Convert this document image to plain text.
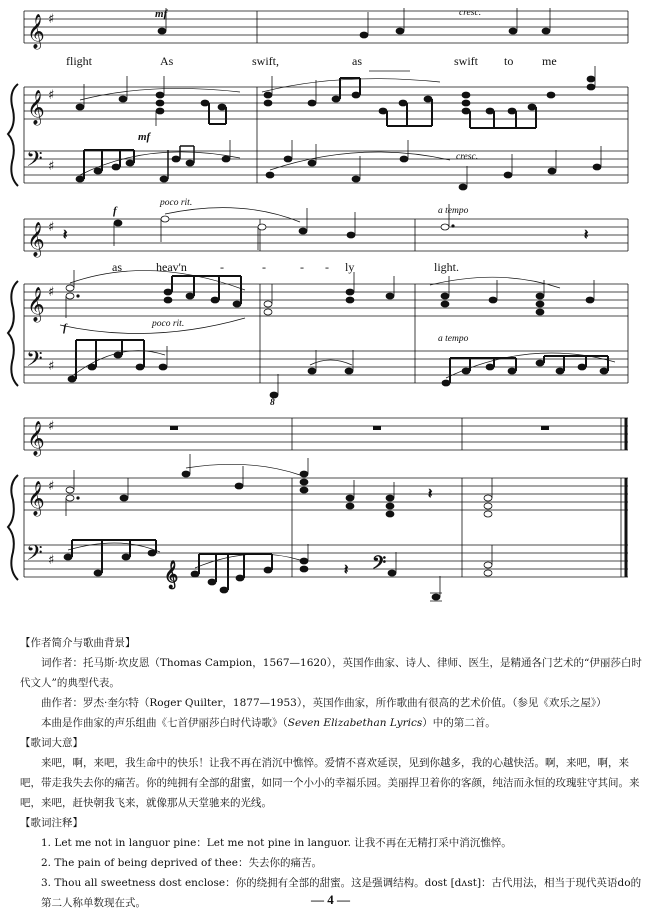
𝄞 ♯
𝄞 ♯
𝄢 ♯
mf	cresc.
flight	As	swift,	as	swift to me
mf
cresc.
𝄞 ♯
𝄞 ♯
𝄢 ♯
𝄽	𝄽
f
poco rit.
a tempo
as	heav'n	-	-	- - ly	light.
f	poco rit.
a tempo
8
𝄞 ♯
𝄞 ♯
𝄢 ♯
𝄽
𝄞	𝄽 𝄢

【作者简介与歌曲背景】

词作者：托马斯·坎皮恩（Thomas Campion，1567—1620），英国作曲家、诗人、律师、医生，是精通各门艺术的“伊丽莎白时代文人”的典型代表。

曲作者：罗杰·奎尔特（Roger Quilter，1877—1953），英国作曲家，所作歌曲有很高的艺术价值。（参见《欢乐之屋》）

本曲是作曲家的声乐组曲《七首伊丽莎白时代诗歌》（Seven Elizabethan Lyrics）中的第二首。

【歌词大意】

来吧，啊，来吧，我生命中的快乐！让我不再在消沉中憔悴。爱情不喜欢延误，见到你越多，我的心越快活。啊，来吧，啊，来吧，带走我失去你的痛苦。你的纯拥有全部的甜蜜，如同一个小小的幸福乐园。美丽捍卫着你的客颜，纯洁而永恒的玫瑰驻守其间。来吧，来吧，赶快朝我飞来，就像那从天堂驰来的光线。

【歌词注释】

1. Let me not in languor pine：Let me not pine in languor. 让我不再在无精打采中消沉憔悴。

2. The pain of being deprived of thee：失去你的痛苦。

3. Thou all sweetness dost enclose：你的绕拥有全部的甜蜜。这是强调结构。dost [dʌst]：古代用法，相当于现代英语do的第二人称单数现在式。	— 4 —
